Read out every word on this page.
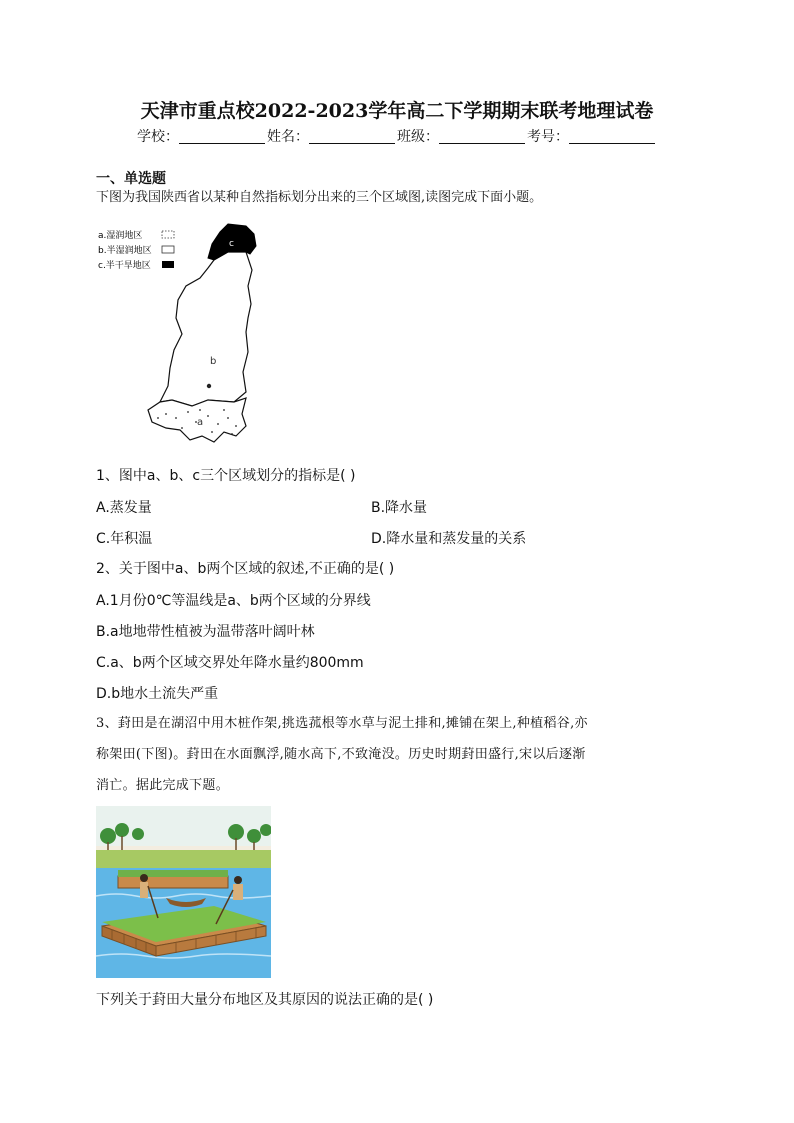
天津市重点校2022-2023学年高二下学期期末联考地理试卷
学校：	姓名：	班级：	考号：
一、单选题
下图为我国陕西省以某种自然指标划分出来的三个区域图,读图完成下面小题。
a.湿润地区
b.半湿润地区
c.半干旱地区
c
b
a
1、图中a、b、c三个区域划分的指标是( )
A.蒸发量	B.降水量
C.年积温	D.降水量和蒸发量的关系
2、关于图中a、b两个区域的叙述,不正确的是( )
A.1月份0℃等温线是a、b两个区域的分界线
B.a地地带性植被为温带落叶阔叶林
C.a、b两个区域交界处年降水量约800mm
D.b地水土流失严重
3、葑田是在湖沼中用木桩作架,挑选菰根等水草与泥土排和,摊铺在架上,种植稻谷,亦
称架田(下图)。葑田在水面飘浮,随水高下,不致淹没。历史时期葑田盛行,宋以后逐渐
消亡。据此完成下题。
下列关于葑田大量分布地区及其原因的说法正确的是( )
